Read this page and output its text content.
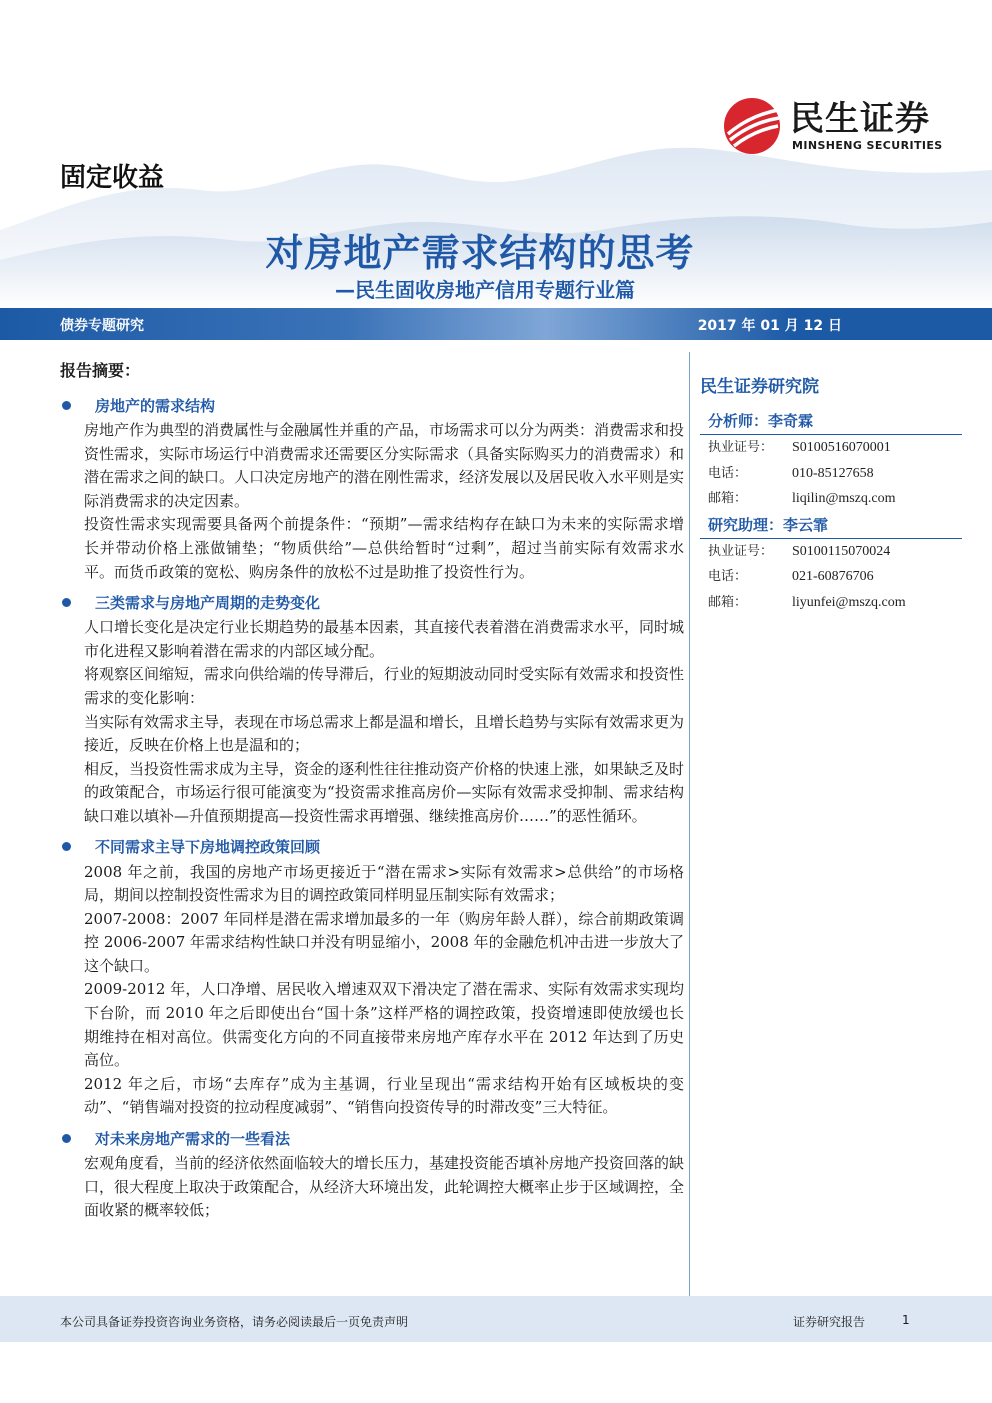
民生证券
MINSHENG SECURITIES
固定收益
对房地产需求结构的思考
—民生固收房地产信用专题行业篇
债券专题研究	2017 年 01 月 12 日
报告摘要：
房地产的需求结构

房地产作为典型的消费属性与金融属性并重的产品，市场需求可以分为两类：消费需求和投资性需求，实际市场运行中消费需求还需要区分实际需求（具备实际购买力的消费需求）和潜在需求之间的缺口。人口决定房地产的潜在刚性需求，经济发展以及居民收入水平则是实际消费需求的决定因素。

投资性需求实现需要具备两个前提条件：“预期”—需求结构存在缺口为未来的实际需求增长并带动价格上涨做铺垫；“物质供给”—总供给暂时“过剩”，超过当前实际有效需求水平。而货币政策的宽松、购房条件的放松不过是助推了投资性行为。

三类需求与房地产周期的走势变化

人口增长变化是决定行业长期趋势的最基本因素，其直接代表着潜在消费需求水平，同时城市化进程又影响着潜在需求的内部区域分配。

将观察区间缩短，需求向供给端的传导滞后，行业的短期波动同时受实际有效需求和投资性需求的变化影响：

当实际有效需求主导，表现在市场总需求上都是温和增长，且增长趋势与实际有效需求更为接近，反映在价格上也是温和的；

相反，当投资性需求成为主导，资金的逐利性往往推动资产价格的快速上涨，如果缺乏及时的政策配合，市场运行很可能演变为“投资需求推高房价—实际有效需求受抑制、需求结构缺口难以填补—升值预期提高—投资性需求再增强、继续推高房价……”的恶性循环。

不同需求主导下房地调控政策回顾

2008 年之前，我国的房地产市场更接近于“潜在需求>实际有效需求>总供给”的市场格局，期间以控制投资性需求为目的调控政策同样明显压制实际有效需求；

2007-2008：2007 年同样是潜在需求增加最多的一年（购房年龄人群），综合前期政策调控 2006-2007 年需求结构性缺口并没有明显缩小，2008 年的金融危机冲击进一步放大了这个缺口。

2009-2012 年，人口净增、居民收入增速双双下滑决定了潜在需求、实际有效需求实现均下台阶，而 2010 年之后即使出台“国十条”这样严格的调控政策，投资增速即使放缓也长期维持在相对高位。供需变化方向的不同直接带来房地产库存水平在 2012 年达到了历史高位。

2012 年之后，市场“去库存”成为主基调，行业呈现出“需求结构开始有区域板块的变动”、“销售端对投资的拉动程度减弱”、“销售向投资传导的时滞改变”三大特征。

对未来房地产需求的一些看法

宏观角度看，当前的经济依然面临较大的增长压力，基建投资能否填补房地产投资回落的缺口，很大程度上取决于政策配合，从经济大环境出发，此轮调控大概率止步于区域调控，全面收紧的概率较低；

民生证券研究院
分析师：李奇霖
执业证号：	S0100516070001
电话：	010-85127658
邮箱：	liqilin@mszq.com
研究助理：李云霏
执业证号：	S0100115070024
电话：	021-60876706
邮箱：	liyunfei@mszq.com
本公司具备证券投资咨询业务资格，请务必阅读最后一页免责声明	证券研究报告	1
